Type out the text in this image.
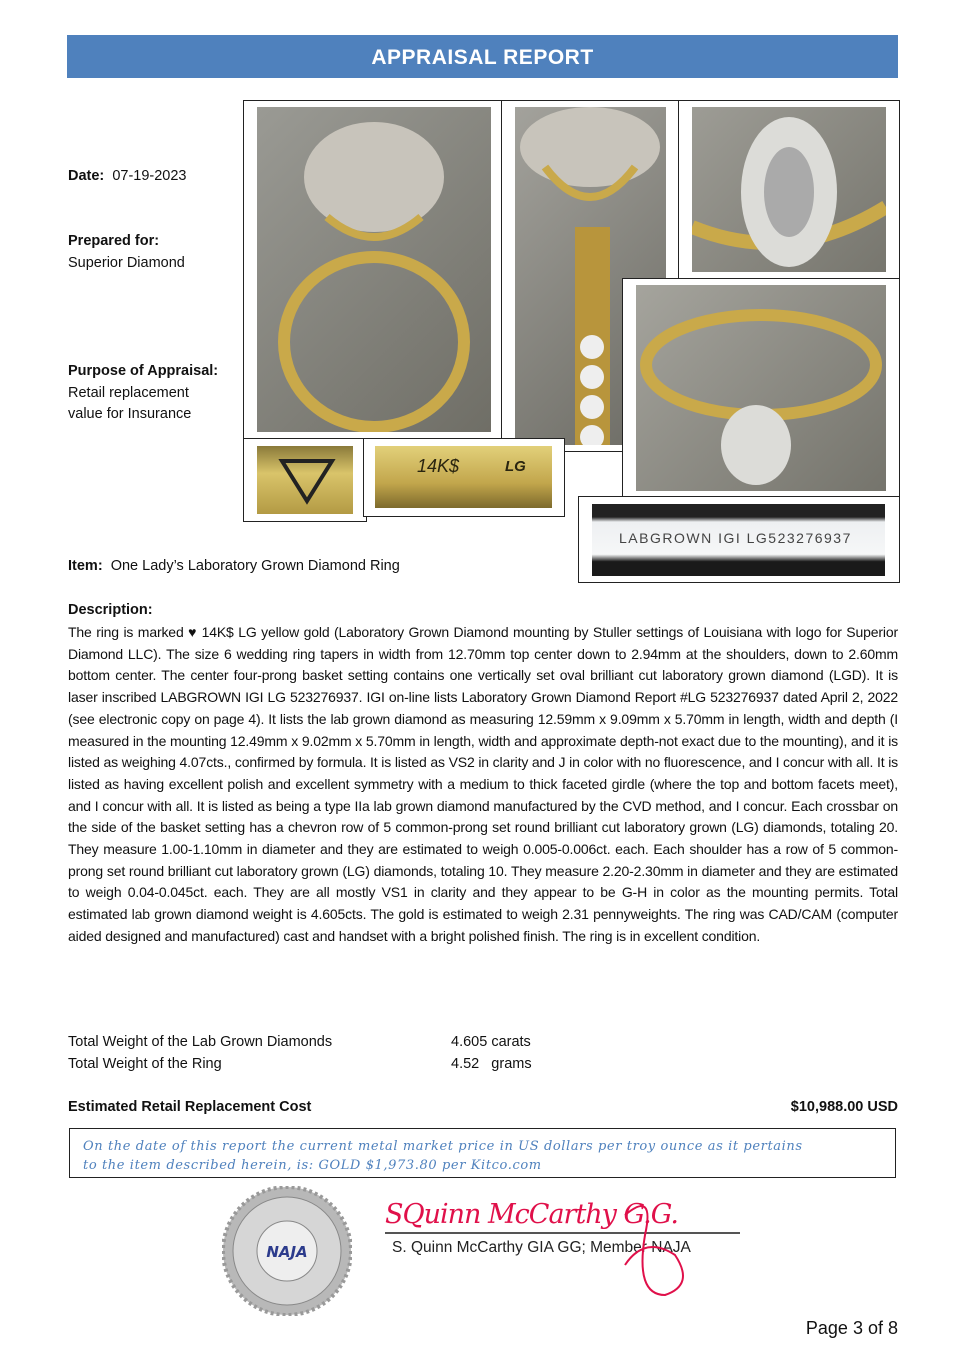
APPRAISAL REPORT
Date: 07-19-2023
Prepared for:
Superior Diamond
Purpose of Appraisal:
Retail replacement
value for Insurance
14K$	LG
LABGROWN IGI LG523276937
Item: One Lady’s Laboratory Grown Diamond Ring
Description:
The ring is marked ♥ 14K$ LG yellow gold (Laboratory Grown Diamond mounting by Stuller settings of Louisiana with logo for Superior Diamond LLC). The size 6 wedding ring tapers in width from 12.70mm top center down to 2.94mm at the shoulders, down to 2.60mm bottom center. The center four-prong basket setting contains one vertically set oval brilliant cut laboratory grown diamond (LGD). It is laser inscribed LABGROWN IGI LG 523276937. IGI on-line lists Laboratory Grown Diamond Report #LG 523276937 dated April 2, 2022 (see electronic copy on page 4). It lists the lab grown diamond as measuring 12.59mm x 9.09mm x 5.70mm in length, width and depth (I measured in the mounting 12.49mm x 9.02mm x 5.70mm in length, width and approximate depth-not exact due to the mounting), and it is listed as weighing 4.07cts., confirmed by formula. It is listed as VS2 in clarity and J in color with no fluorescence, and I concur with all. It is listed as having excellent polish and excellent symmetry with a medium to thick faceted girdle (where the top and bottom facets meet), and I concur with all. It is listed as being a type IIa lab grown diamond manufactured by the CVD method, and I concur. Each crossbar on the side of the basket setting has a chevron row of 5 common-prong set round brilliant cut laboratory grown (LG) diamonds, totaling 20. They measure 1.00-1.10mm in diameter and they are estimated to weigh 0.005-0.006ct. each. Each shoulder has a row of 5 common-prong set round brilliant cut laboratory grown (LG) diamonds, totaling 10. They measure 2.20-2.30mm in diameter and they are estimated to weigh 0.04-0.045ct. each. They are all mostly VS1 in clarity and they appear to be G-H in color as the mounting permits. Total estimated lab grown diamond weight is 4.605cts. The gold is estimated to weigh 2.31 pennyweights. The ring was CAD/CAM (computer aided designed and manufactured) cast and handset with a bright polished finish. The ring is in excellent condition.
Total Weight of the Lab Grown Diamonds	4.605 carats
Total Weight of the Ring	4.52   grams
Estimated Retail Replacement Cost	$10,988.00 USD
On the date of this report the current metal market price in US dollars per troy ounce as it pertains
to the item described herein, is: GOLD $1,973.80 per Kitco.com
NAJA
SQuinn McCarthy G.G.
S. Quinn McCarthy GIA GG; Member NAJA
Page 3 of 8
